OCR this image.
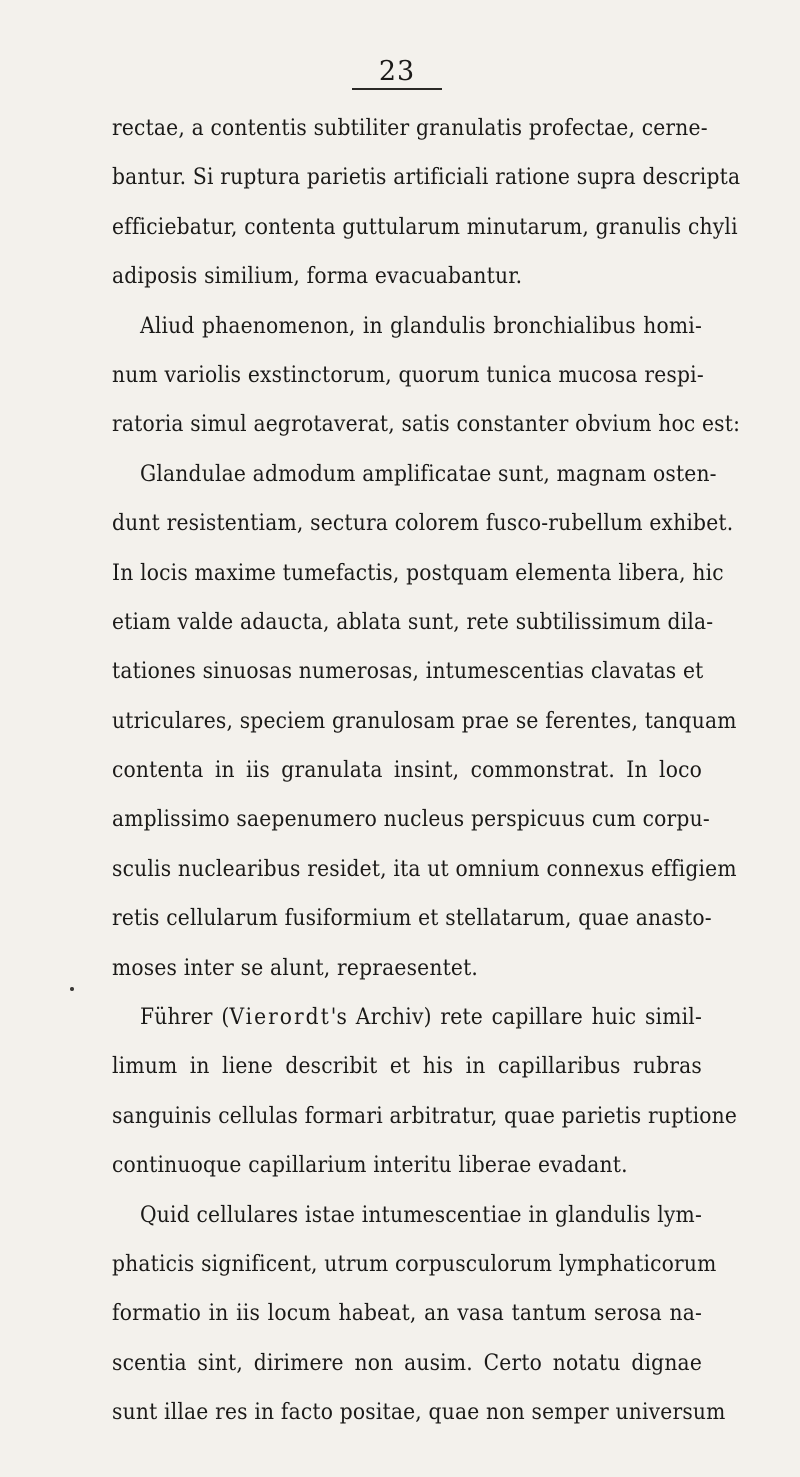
23
rectae, a contentis subtiliter granulatis profectae, cerne-
bantur. Si ruptura parietis artificiali ratione supra descripta
efficiebatur, contenta guttularum minutarum, granulis chyli
adiposis similium, forma evacuabantur.
Aliud phaenomenon, in glandulis bronchialibus homi-
num variolis exstinctorum, quorum tunica mucosa respi-
ratoria simul aegrotaverat, satis constanter obvium hoc est:
Glandulae admodum amplificatae sunt, magnam osten-
dunt resistentiam, sectura colorem fusco-rubellum exhibet.
In locis maxime tumefactis, postquam elementa libera, hic
etiam valde adaucta, ablata sunt, rete subtilissimum dila-
tationes sinuosas numerosas, intumescentias clavatas et
utriculares, speciem granulosam prae se ferentes, tanquam
contenta in iis granulata insint, commonstrat. In loco
amplissimo saepenumero nucleus perspicuus cum corpu-
sculis nuclearibus residet, ita ut omnium connexus effigiem
retis cellularum fusiformium et stellatarum, quae anasto-
moses inter se alunt, repraesentet.
Führer (Vierordt's Archiv) rete capillare huic simil-
limum in liene describit et his in capillaribus rubras
sanguinis cellulas formari arbitratur, quae parietis ruptione
continuoque capillarium interitu liberae evadant.
Quid cellulares istae intumescentiae in glandulis lym-
phaticis significent, utrum corpusculorum lymphaticorum
formatio in iis locum habeat, an vasa tantum serosa na-
scentia sint, dirimere non ausim. Certo notatu dignae
sunt illae res in facto positae, quae non semper universum
